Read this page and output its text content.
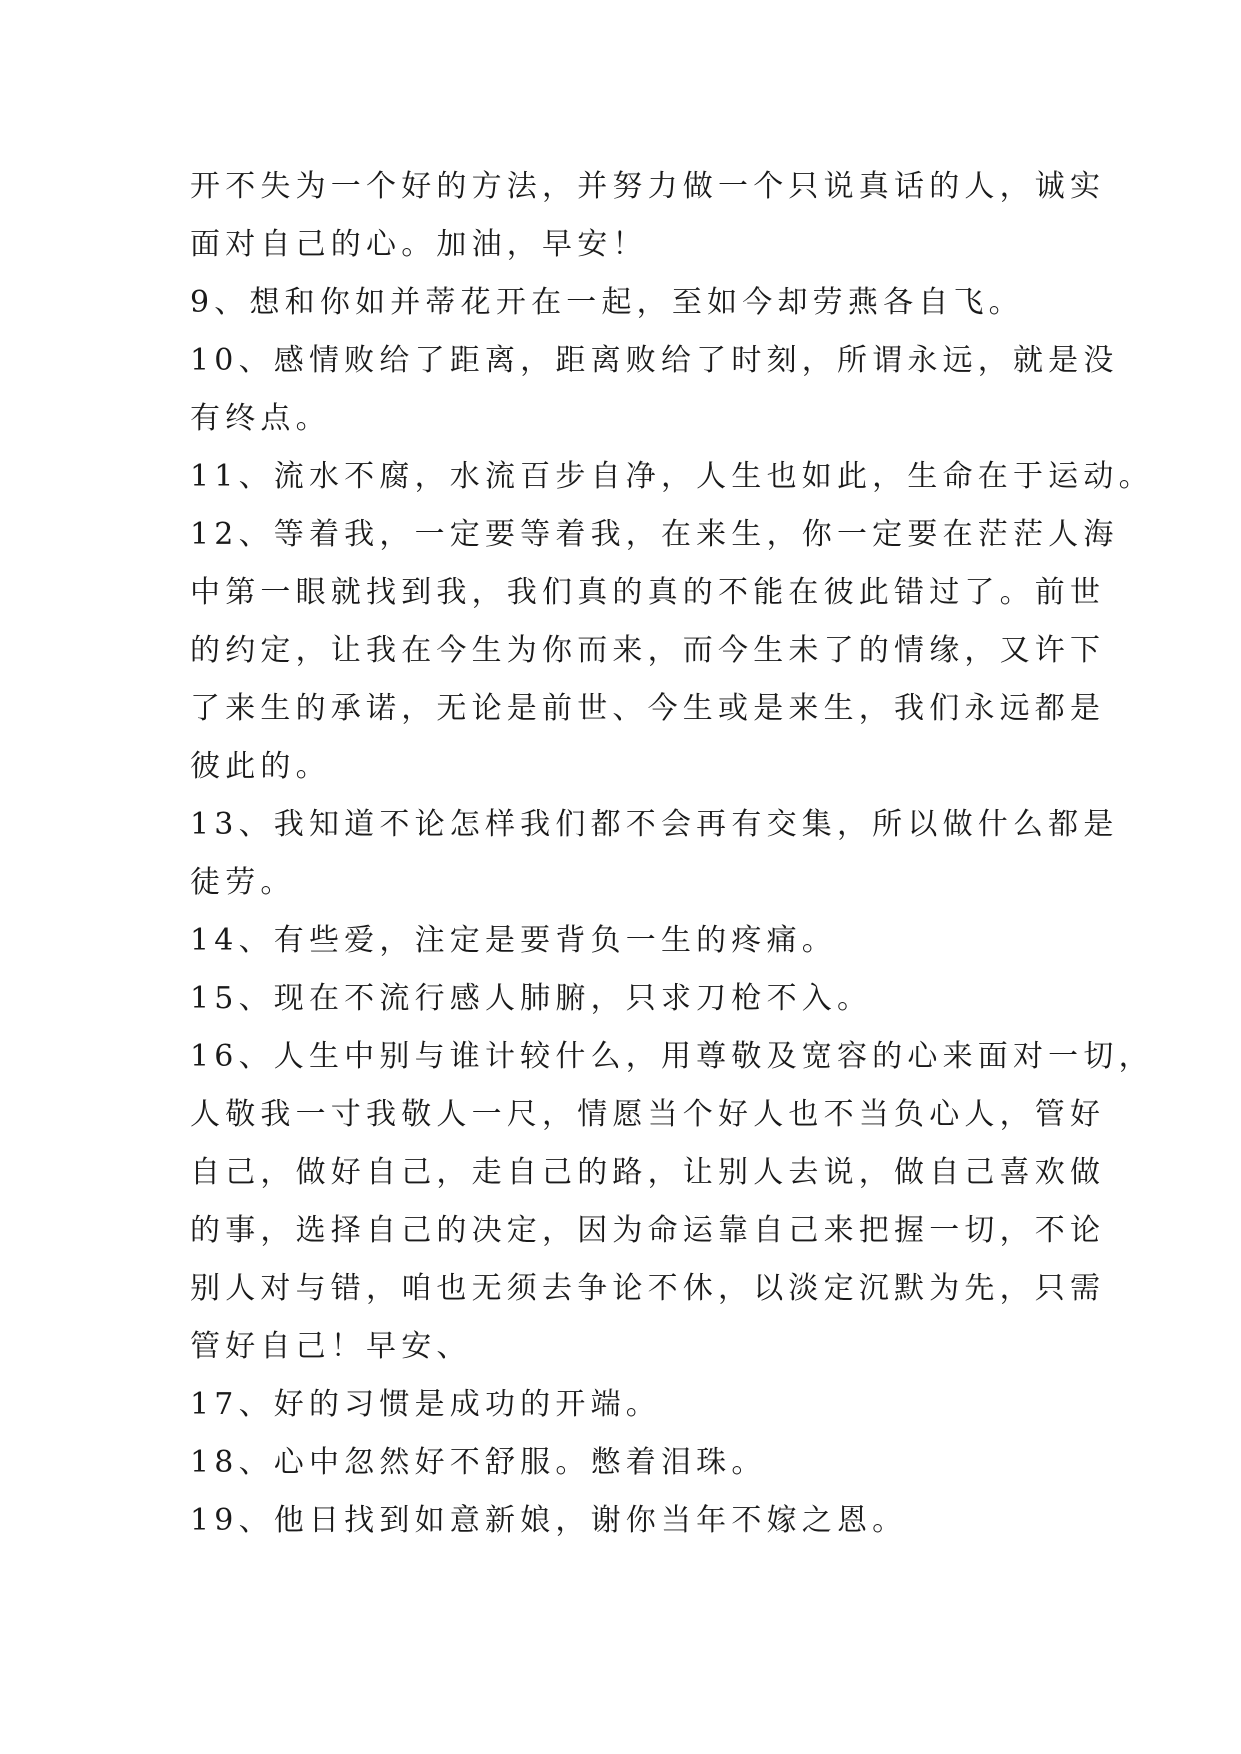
开不失为一个好的方法，并努力做一个只说真话的人，诚实
面对自己的心。加油，早安！
9、想和你如并蒂花开在一起，至如今却劳燕各自飞。
10、感情败给了距离，距离败给了时刻，所谓永远，就是没
有终点。
11、流水不腐，水流百步自净，人生也如此，生命在于运动。
12、等着我，一定要等着我，在来生，你一定要在茫茫人海
中第一眼就找到我，我们真的真的不能在彼此错过了。前世
的约定，让我在今生为你而来，而今生未了的情缘，又许下
了来生的承诺，无论是前世、今生或是来生，我们永远都是
彼此的。
13、我知道不论怎样我们都不会再有交集，所以做什么都是
徒劳。
14、有些爱，注定是要背负一生的疼痛。
15、现在不流行感人肺腑，只求刀枪不入。
16、人生中别与谁计较什么，用尊敬及宽容的心来面对一切，
人敬我一寸我敬人一尺，情愿当个好人也不当负心人，管好
自己，做好自己，走自己的路，让别人去说，做自己喜欢做
的事，选择自己的决定，因为命运靠自己来把握一切，不论
别人对与错，咱也无须去争论不休，以淡定沉默为先，只需
管好自己！早安、
17、好的习惯是成功的开端。
18、心中忽然好不舒服。憋着泪珠。
19、他日找到如意新娘，谢你当年不嫁之恩。
